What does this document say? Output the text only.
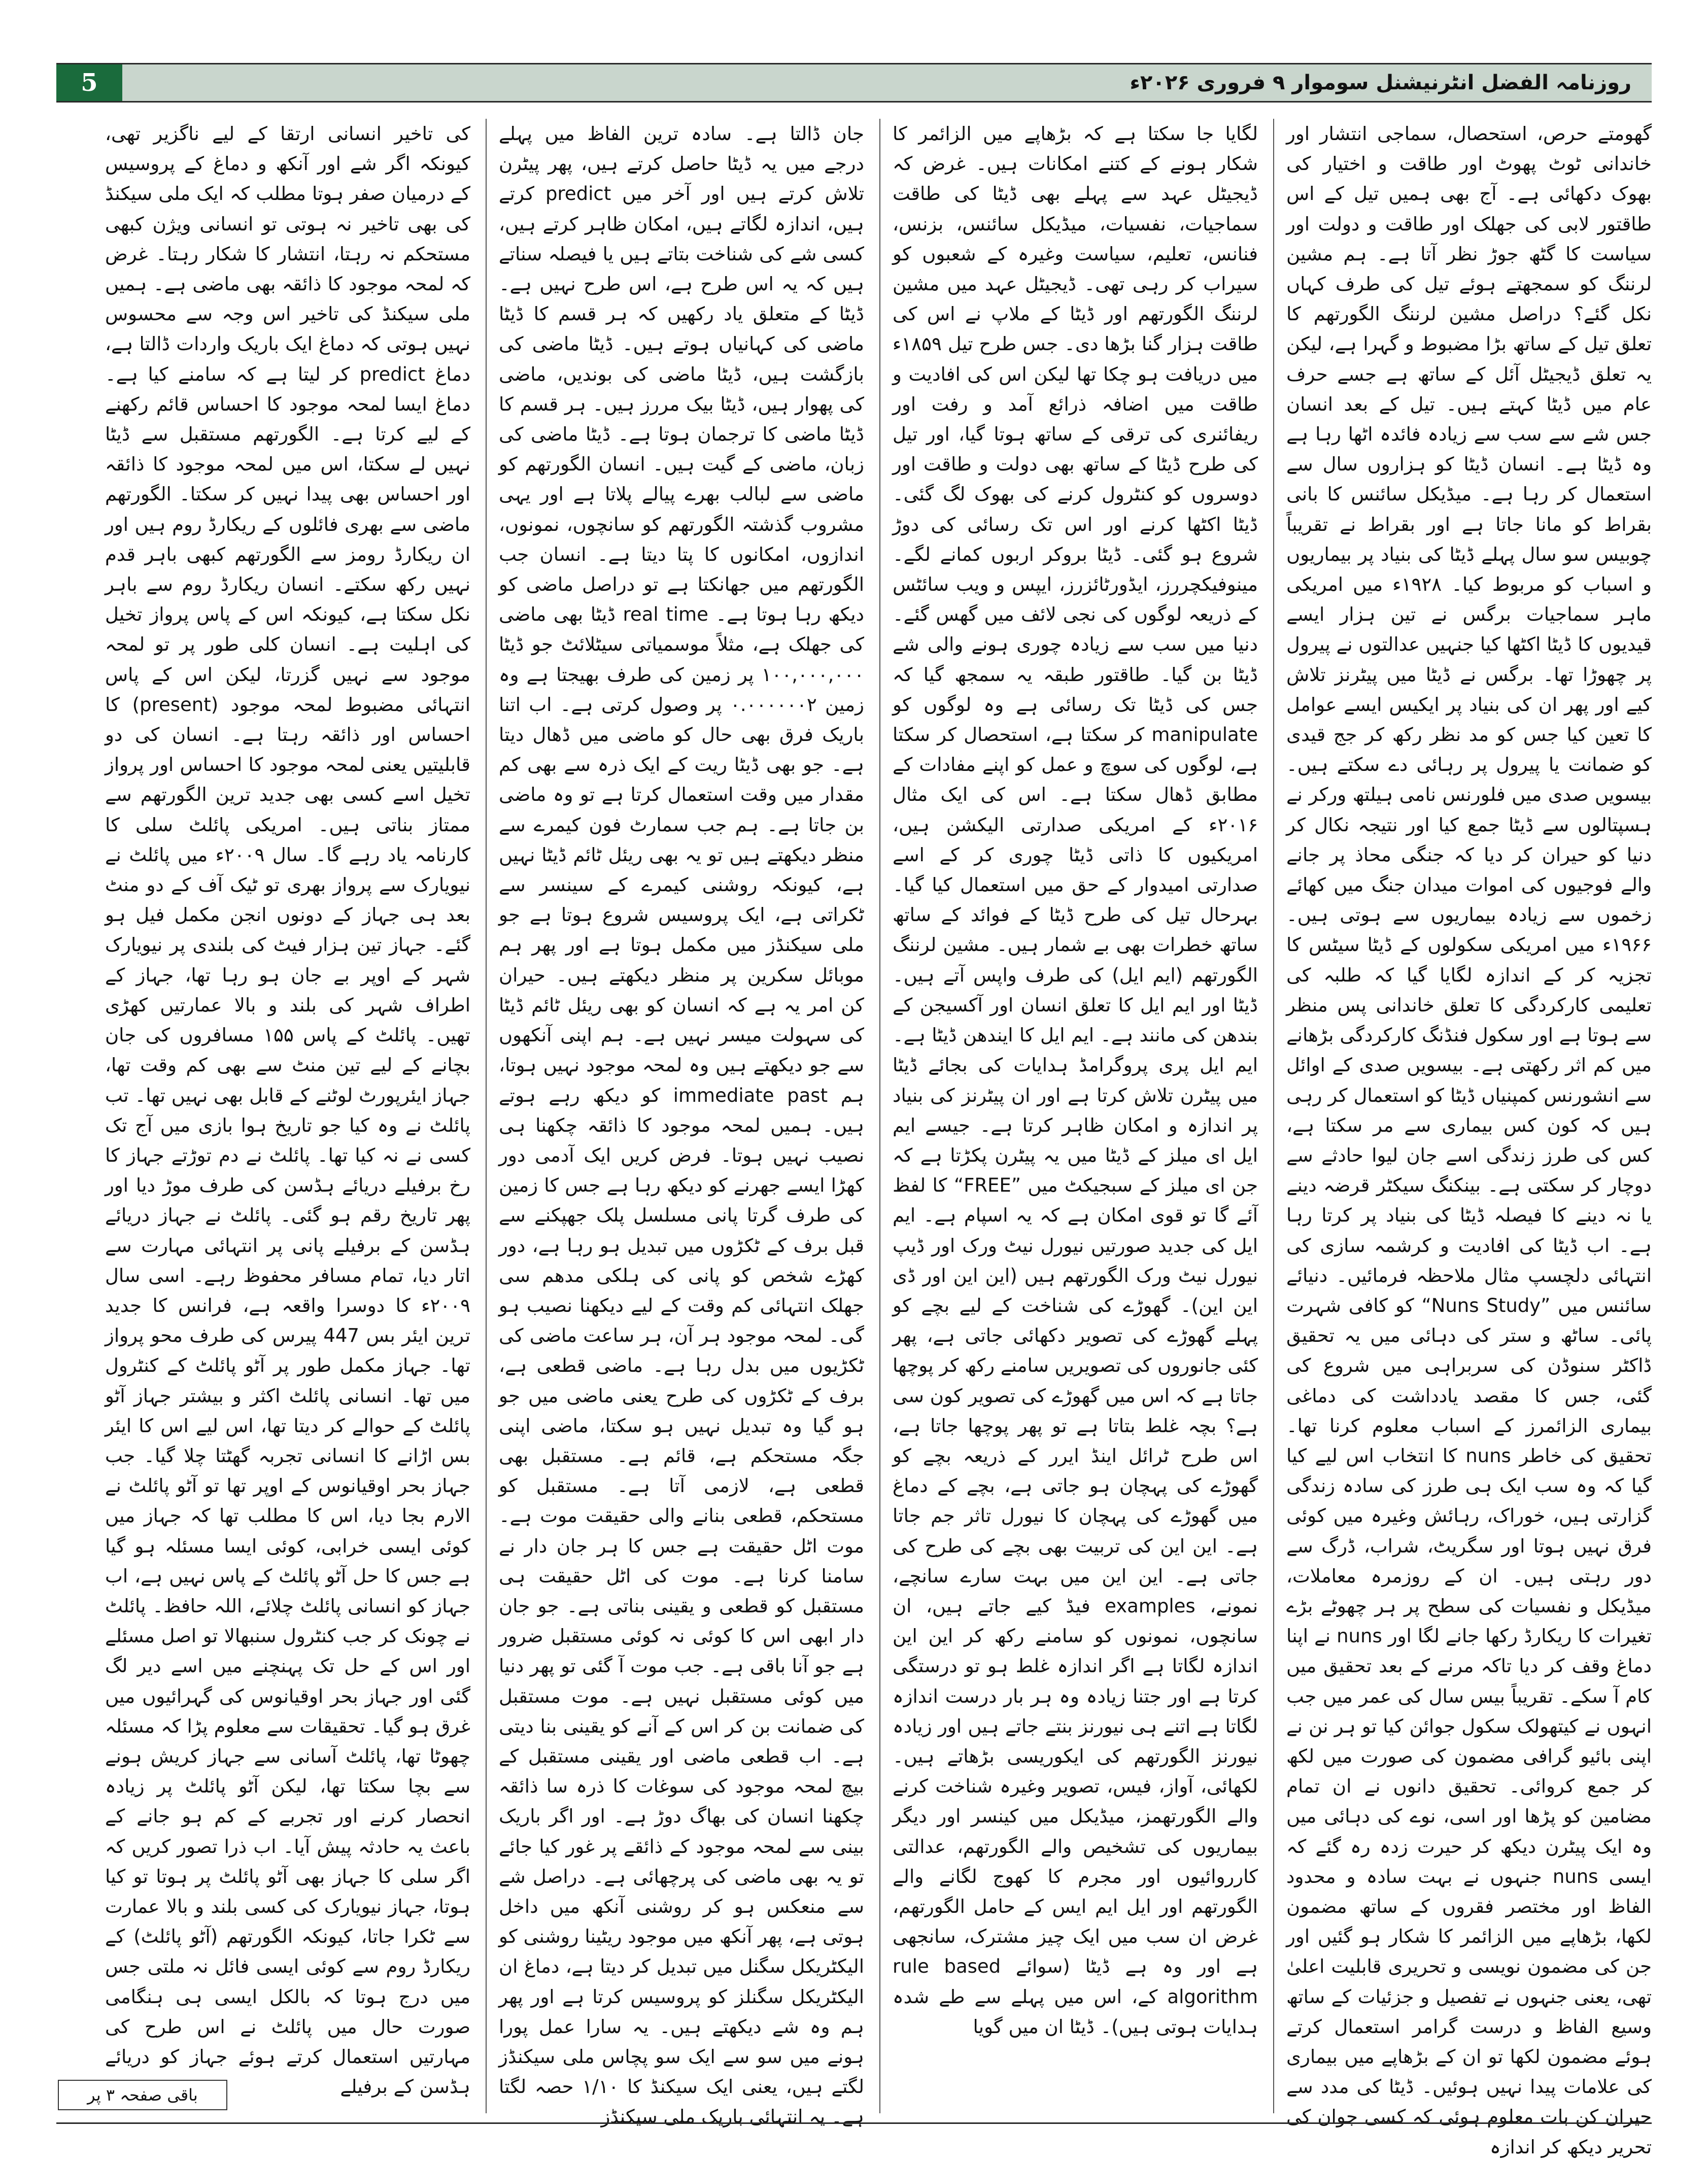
5	روزنامہ الفضل انٹرنیشنل سوموار ۹ فروری ۲۰۲۶ء

گھومتے حرص، استحصال، سماجی انتشار اور خاندانی ٹوٹ پھوٹ اور طاقت و اختیار کی بھوک دکھائی ہے۔ آج بھی ہمیں تیل کے اس طاقتور لابی کی جھلک اور طاقت و دولت اور سیاست کا گٹھ جوڑ نظر آتا ہے۔ ہم مشین لرننگ کو سمجھتے ہوئے تیل کی طرف کہاں نکل گئے؟ دراصل مشین لرننگ الگورتھم کا تعلق تیل کے ساتھ بڑا مضبوط و گہرا ہے، لیکن یہ تعلق ڈیجیٹل آئل کے ساتھ ہے جسے حرف عام میں ڈیٹا کہتے ہیں۔ تیل کے بعد انسان جس شے سے سب سے زیادہ فائدہ اٹھا رہا ہے وہ ڈیٹا ہے۔ انسان ڈیٹا کو ہزاروں سال سے استعمال کر رہا ہے۔ میڈیکل سائنس کا بانی بقراط کو مانا جاتا ہے اور بقراط نے تقریباً چوبیس سو سال پہلے ڈیٹا کی بنیاد پر بیماریوں و اسباب کو مربوط کیا۔ ۱۹۲۸ء میں امریکی ماہر سماجیات برگس نے تین ہزار ایسے قیدیوں کا ڈیٹا اکٹھا کیا جنہیں عدالتوں نے پیرول پر چھوڑا تھا۔ برگس نے ڈیٹا میں پیٹرنز تلاش کیے اور پھر ان کی بنیاد پر ایکیس ایسے عوامل کا تعین کیا جس کو مد نظر رکھ کر جج قیدی کو ضمانت یا پیرول پر رہائی دے سکتے ہیں۔ بیسویں صدی میں فلورنس نامی ہیلتھ ورکر نے ہسپتالوں سے ڈیٹا جمع کیا اور نتیجہ نکال کر دنیا کو حیران کر دیا کہ جنگی محاذ پر جانے والے فوجیوں کی اموات میدان جنگ میں کھائے زخموں سے زیادہ بیماریوں سے ہوتی ہیں۔ ۱۹۶۶ء میں امریکی سکولوں کے ڈیٹا سیٹس کا تجزیہ کر کے اندازہ لگایا گیا کہ طلبہ کی تعلیمی کارکردگی کا تعلق خاندانی پس منظر سے ہوتا ہے اور سکول فنڈنگ کارکردگی بڑھانے میں کم اثر رکھتی ہے۔ بیسویں صدی کے اوائل سے انشورنس کمپنیاں ڈیٹا کو استعمال کر رہی ہیں کہ کون کس بیماری سے مر سکتا ہے، کس کی طرز زندگی اسے جان لیوا حادثے سے دوچار کر سکتی ہے۔ بینکنگ سیکٹر قرضہ دینے یا نہ دینے کا فیصلہ ڈیٹا کی بنیاد پر کرتا رہا ہے۔ اب ڈیٹا کی افادیت و کرشمہ سازی کی انتہائی دلچسپ مثال ملاحظہ فرمائیں۔ دنیائے سائنس میں ”Nuns Study“ کو کافی شہرت پائی۔ ساٹھ و ستر کی دہائی میں یہ تحقیق ڈاکٹر سنوڈن کی سربراہی میں شروع کی گئی، جس کا مقصد یادداشت کی دماغی بیماری الزائمرز کے اسباب معلوم کرنا تھا۔ تحقیق کی خاطر nuns کا انتخاب اس لیے کیا گیا کہ وہ سب ایک ہی طرز کی سادہ زندگی گزارتی ہیں، خوراک، رہائش وغیرہ میں کوئی فرق نہیں ہوتا اور سگریٹ، شراب، ڈرگ سے دور رہتی ہیں۔ ان کے روزمرہ معاملات، میڈیکل و نفسیات کی سطح پر ہر چھوٹے بڑے تغیرات کا ریکارڈ رکھا جانے لگا اور nuns نے اپنا دماغ وقف کر دیا تاکہ مرنے کے بعد تحقیق میں کام آ سکے۔ تقریباً بیس سال کی عمر میں جب انہوں نے کیتھولک سکول جوائن کیا تو ہر نن نے اپنی بائیو گرافی مضمون کی صورت میں لکھ کر جمع کروائی۔ تحقیق دانوں نے ان تمام مضامین کو پڑھا اور اسی، نوے کی دہائی میں وہ ایک پیٹرن دیکھ کر حیرت زدہ رہ گئے کہ ایسی nuns جنہوں نے بہت سادہ و محدود الفاظ اور مختصر فقروں کے ساتھ مضمون لکھا، بڑھاپے میں الزائمر کا شکار ہو گئیں اور جن کی مضمون نویسی و تحریری قابلیت اعلیٰ تھی، یعنی جنہوں نے تفصیل و جزئیات کے ساتھ وسیع الفاظ و درست گرامر استعمال کرتے ہوئے مضمون لکھا تو ان کے بڑھاپے میں بیماری کی علامات پیدا نہیں ہوئیں۔ ڈیٹا کی مدد سے حیران کن بات معلوم ہوئی کہ کسی جوان کی تحریر دیکھ کر اندازہ

لگایا جا سکتا ہے کہ بڑھاپے میں الزائمر کا شکار ہونے کے کتنے امکانات ہیں۔ غرض کہ ڈیجیٹل عہد سے پہلے بھی ڈیٹا کی طاقت سماجیات، نفسیات، میڈیکل سائنس، بزنس، فنانس، تعلیم، سیاست وغیرہ کے شعبوں کو سیراب کر رہی تھی۔ ڈیجیٹل عہد میں مشین لرننگ الگورتھم اور ڈیٹا کے ملاپ نے اس کی طاقت ہزار گنا بڑھا دی۔ جس طرح تیل ۱۸۵۹ء میں دریافت ہو چکا تھا لیکن اس کی افادیت و طاقت میں اضافہ ذرائع آمد و رفت اور ریفائنری کی ترقی کے ساتھ ہوتا گیا، اور تیل کی طرح ڈیٹا کے ساتھ بھی دولت و طاقت اور دوسروں کو کنٹرول کرنے کی بھوک لگ گئی۔ ڈیٹا اکٹھا کرنے اور اس تک رسائی کی دوڑ شروع ہو گئی۔ ڈیٹا بروکر اربوں کمانے لگے۔ مینوفیکچررز، ایڈورٹائزرز، ایپس و ویب سائٹس کے ذریعہ لوگوں کی نجی لائف میں گھس گئے۔ دنیا میں سب سے زیادہ چوری ہونے والی شے ڈیٹا بن گیا۔ طاقتور طبقہ یہ سمجھ گیا کہ جس کی ڈیٹا تک رسائی ہے وہ لوگوں کو manipulate کر سکتا ہے، استحصال کر سکتا ہے، لوگوں کی سوچ و عمل کو اپنے مفادات کے مطابق ڈھال سکتا ہے۔ اس کی ایک مثال ۲۰۱۶ء کے امریکی صدارتی الیکشن ہیں، امریکیوں کا ذاتی ڈیٹا چوری کر کے اسے صدارتی امیدوار کے حق میں استعمال کیا گیا۔ بہرحال تیل کی طرح ڈیٹا کے فوائد کے ساتھ ساتھ خطرات بھی بے شمار ہیں۔ مشین لرننگ الگورتھم (ایم ایل) کی طرف واپس آتے ہیں۔ ڈیٹا اور ایم ایل کا تعلق انسان اور آکسیجن کے بندھن کی مانند ہے۔ ایم ایل کا ایندھن ڈیٹا ہے۔ ایم ایل پری پروگرامڈ ہدایات کی بجائے ڈیٹا میں پیٹرن تلاش کرتا ہے اور ان پیٹرنز کی بنیاد پر اندازہ و امکان ظاہر کرتا ہے۔ جیسے ایم ایل ای میلز کے ڈیٹا میں یہ پیٹرن پکڑتا ہے کہ جن ای میلز کے سبجیکٹ میں ”FREE“ کا لفظ آئے گا تو قوی امکان ہے کہ یہ اسپام ہے۔ ایم ایل کی جدید صورتیں نیورل نیٹ ورک اور ڈیپ نیورل نیٹ ورک الگورتھم ہیں (این این اور ڈی این این)۔ گھوڑے کی شناخت کے لیے بچے کو پہلے گھوڑے کی تصویر دکھائی جاتی ہے، پھر کئی جانوروں کی تصویریں سامنے رکھ کر پوچھا جاتا ہے کہ اس میں گھوڑے کی تصویر کون سی ہے؟ بچہ غلط بتاتا ہے تو پھر پوچھا جاتا ہے، اس طرح ٹرائل اینڈ ایرر کے ذریعہ بچے کو گھوڑے کی پہچان ہو جاتی ہے، بچے کے دماغ میں گھوڑے کی پہچان کا نیورل تاثر جم جاتا ہے۔ این این کی تربیت بھی بچے کی طرح کی جاتی ہے۔ این این میں بہت سارے سانچے، نمونے، examples فیڈ کیے جاتے ہیں، ان سانچوں، نمونوں کو سامنے رکھ کر این این اندازہ لگاتا ہے اگر اندازہ غلط ہو تو درستگی کرتا ہے اور جتنا زیادہ وہ ہر بار درست اندازہ لگاتا ہے اتنے ہی نیورنز بنتے جاتے ہیں اور زیادہ نیورنز الگورتھم کی ایکوریسی بڑھاتے ہیں۔ لکھائی، آواز، فیس، تصویر وغیرہ شناخت کرنے والے الگورتھمز، میڈیکل میں کینسر اور دیگر بیماریوں کی تشخیص والے الگورتھم، عدالتی کارروائیوں اور مجرم کا کھوج لگانے والے الگورتھم اور ایل ایم ایس کے حامل الگورتھم، غرض ان سب میں ایک چیز مشترک، سانجھی ہے اور وہ ہے ڈیٹا (سوائے rule based algorithm کے، اس میں پہلے سے طے شدہ ہدایات ہوتی ہیں)۔ ڈیٹا ان میں گویا

جان ڈالتا ہے۔ سادہ ترین الفاظ میں پہلے درجے میں یہ ڈیٹا حاصل کرتے ہیں، پھر پیٹرن تلاش کرتے ہیں اور آخر میں predict کرتے ہیں، اندازہ لگاتے ہیں، امکان ظاہر کرتے ہیں، کسی شے کی شناخت بتاتے ہیں یا فیصلہ سناتے ہیں کہ یہ اس طرح ہے، اس طرح نہیں ہے۔ ڈیٹا کے متعلق یاد رکھیں کہ ہر قسم کا ڈیٹا ماضی کی کہانیاں ہوتے ہیں۔ ڈیٹا ماضی کی بازگشت ہیں، ڈیٹا ماضی کی بوندیں، ماضی کی پھوار ہیں، ڈیٹا بیک مررز ہیں۔ ہر قسم کا ڈیٹا ماضی کا ترجمان ہوتا ہے۔ ڈیٹا ماضی کی زبان، ماضی کے گیت ہیں۔ انسان الگورتھم کو ماضی سے لبالب بھرے پیالے پلاتا ہے اور یہی مشروب گذشتہ الگورتھم کو سانچوں، نمونوں، اندازوں، امکانوں کا پتا دیتا ہے۔ انسان جب الگورتھم میں جھانکتا ہے تو دراصل ماضی کو دیکھ رہا ہوتا ہے۔ real time ڈیٹا بھی ماضی کی جھلک ہے، مثلاً موسمیاتی سیٹلائٹ جو ڈیٹا ۱۰۰,۰۰۰,۰۰۰ پر زمین کی طرف بھیجتا ہے وہ زمین ۰.۰۰۰۰۰۰۲ پر وصول کرتی ہے۔ اب اتنا باریک فرق بھی حال کو ماضی میں ڈھال دیتا ہے۔ جو بھی ڈیٹا ریت کے ایک ذرہ سے بھی کم مقدار میں وقت استعمال کرتا ہے تو وہ ماضی بن جاتا ہے۔ ہم جب سمارٹ فون کیمرے سے منظر دیکھتے ہیں تو یہ بھی ریئل ٹائم ڈیٹا نہیں ہے، کیونکہ روشنی کیمرے کے سینسر سے ٹکراتی ہے، ایک پروسیس شروع ہوتا ہے جو ملی سیکنڈز میں مکمل ہوتا ہے اور پھر ہم موبائل سکرین پر منظر دیکھتے ہیں۔ حیران کن امر یہ ہے کہ انسان کو بھی ریئل ٹائم ڈیٹا کی سہولت میسر نہیں ہے۔ ہم اپنی آنکھوں سے جو دیکھتے ہیں وہ لمحہ موجود نہیں ہوتا، ہم immediate past کو دیکھ رہے ہوتے ہیں۔ ہمیں لمحہ موجود کا ذائقہ چکھنا ہی نصیب نہیں ہوتا۔ فرض کریں ایک آدمی دور کھڑا ایسے جھرنے کو دیکھ رہا ہے جس کا زمین کی طرف گرتا پانی مسلسل پلک جھپکنے سے قبل برف کے ٹکڑوں میں تبدیل ہو رہا ہے، دور کھڑے شخص کو پانی کی ہلکی مدھم سی جھلک انتہائی کم وقت کے لیے دیکھنا نصیب ہو گی۔ لمحہ موجود ہر آن، ہر ساعت ماضی کی ٹکڑیوں میں بدل رہا ہے۔ ماضی قطعی ہے، برف کے ٹکڑوں کی طرح یعنی ماضی میں جو ہو گیا وہ تبدیل نہیں ہو سکتا، ماضی اپنی جگہ مستحکم ہے، قائم ہے۔ مستقبل بھی قطعی ہے، لازمی آتا ہے۔ مستقبل کو مستحکم، قطعی بنانے والی حقیقت موت ہے۔ موت اٹل حقیقت ہے جس کا ہر جان دار نے سامنا کرنا ہے۔ موت کی اٹل حقیقت ہی مستقبل کو قطعی و یقینی بناتی ہے۔ جو جان دار ابھی اس کا کوئی نہ کوئی مستقبل ضرور ہے جو آنا باقی ہے۔ جب موت آ گئی تو پھر دنیا میں کوئی مستقبل نہیں ہے۔ موت مستقبل کی ضمانت بن کر اس کے آنے کو یقینی بنا دیتی ہے۔ اب قطعی ماضی اور یقینی مستقبل کے بیچ لمحہ موجود کی سوغات کا ذرہ سا ذائقہ چکھنا انسان کی بھاگ دوڑ ہے۔ اور اگر باریک بینی سے لمحہ موجود کے ذائقے پر غور کیا جائے تو یہ بھی ماضی کی پرچھائی ہے۔ دراصل شے سے منعکس ہو کر روشنی آنکھ میں داخل ہوتی ہے، پھر آنکھ میں موجود ریٹینا روشنی کو الیکٹریکل سگنل میں تبدیل کر دیتا ہے، دماغ ان الیکٹریکل سگنلز کو پروسیس کرتا ہے اور پھر ہم وہ شے دیکھتے ہیں۔ یہ سارا عمل پورا ہونے میں سو سے ایک سو پچاس ملی سیکنڈز لگتے ہیں، یعنی ایک سیکنڈ کا ۱/۱۰ حصہ لگتا ہے۔ یہ انتہائی باریک ملی سیکنڈز

کی تاخیر انسانی ارتقا کے لیے ناگزیر تھی، کیونکہ اگر شے اور آنکھ و دماغ کے پروسیس کے درمیان صفر ہوتا مطلب کہ ایک ملی سیکنڈ کی بھی تاخیر نہ ہوتی تو انسانی ویژن کبھی مستحکم نہ رہتا، انتشار کا شکار رہتا۔ غرض کہ لمحہ موجود کا ذائقہ بھی ماضی ہے۔ ہمیں ملی سیکنڈ کی تاخیر اس وجہ سے محسوس نہیں ہوتی کہ دماغ ایک باریک واردات ڈالتا ہے، دماغ predict کر لیتا ہے کہ سامنے کیا ہے۔ دماغ ایسا لمحہ موجود کا احساس قائم رکھنے کے لیے کرتا ہے۔ الگورتھم مستقبل سے ڈیٹا نہیں لے سکتا، اس میں لمحہ موجود کا ذائقہ اور احساس بھی پیدا نہیں کر سکتا۔ الگورتھم ماضی سے بھری فائلوں کے ریکارڈ روم ہیں اور ان ریکارڈ رومز سے الگورتھم کبھی باہر قدم نہیں رکھ سکتے۔ انسان ریکارڈ روم سے باہر نکل سکتا ہے، کیونکہ اس کے پاس پرواز تخیل کی اہلیت ہے۔ انسان کلی طور پر تو لمحہ موجود سے نہیں گزرتا، لیکن اس کے پاس انتہائی مضبوط لمحہ موجود (present) کا احساس اور ذائقہ رہتا ہے۔ انسان کی دو قابلیتیں یعنی لمحہ موجود کا احساس اور پرواز تخیل اسے کسی بھی جدید ترین الگورتھم سے ممتاز بناتی ہیں۔ امریکی پائلٹ سلی کا کارنامہ یاد رہے گا۔ سال ۲۰۰۹ء میں پائلٹ نے نیویارک سے پرواز بھری تو ٹیک آف کے دو منٹ بعد ہی جہاز کے دونوں انجن مکمل فیل ہو گئے۔ جہاز تین ہزار فیٹ کی بلندی پر نیویارک شہر کے اوپر بے جان ہو رہا تھا، جہاز کے اطراف شہر کی بلند و بالا عمارتیں کھڑی تھیں۔ پائلٹ کے پاس ۱۵۵ مسافروں کی جان بچانے کے لیے تین منٹ سے بھی کم وقت تھا، جہاز ایئرپورٹ لوٹنے کے قابل بھی نہیں تھا۔ تب پائلٹ نے وہ کیا جو تاریخ ہوا بازی میں آج تک کسی نے نہ کیا تھا۔ پائلٹ نے دم توڑتے جہاز کا رخ برفیلے دریائے ہڈسن کی طرف موڑ دیا اور پھر تاریخ رقم ہو گئی۔ پائلٹ نے جہاز دریائے ہڈسن کے برفیلے پانی پر انتہائی مہارت سے اتار دیا، تمام مسافر محفوظ رہے۔ اسی سال ۲۰۰۹ء کا دوسرا واقعہ ہے، فرانس کا جدید ترین ایئر بس 447 پیرس کی طرف محو پرواز تھا۔ جہاز مکمل طور پر آٹو پائلٹ کے کنٹرول میں تھا۔ انسانی پائلٹ اکثر و بیشتر جہاز آٹو پائلٹ کے حوالے کر دیتا تھا، اس لیے اس کا ایئر بس اڑانے کا انسانی تجربہ گھٹتا چلا گیا۔ جب جہاز بحر اوقیانوس کے اوپر تھا تو آٹو پائلٹ نے الارم بجا دیا، اس کا مطلب تھا کہ جہاز میں کوئی ایسی خرابی، کوئی ایسا مسئلہ ہو گیا ہے جس کا حل آٹو پائلٹ کے پاس نہیں ہے، اب جہاز کو انسانی پائلٹ چلائے، اللہ حافظ۔ پائلٹ نے چونک کر جب کنٹرول سنبھالا تو اصل مسئلے اور اس کے حل تک پہنچنے میں اسے دیر لگ گئی اور جہاز بحر اوقیانوس کی گہرائیوں میں غرق ہو گیا۔ تحقیقات سے معلوم پڑا کہ مسئلہ چھوٹا تھا، پائلٹ آسانی سے جہاز کریش ہونے سے بچا سکتا تھا، لیکن آٹو پائلٹ پر زیادہ انحصار کرنے اور تجربے کے کم ہو جانے کے باعث یہ حادثہ پیش آیا۔ اب ذرا تصور کریں کہ اگر سلی کا جہاز بھی آٹو پائلٹ پر ہوتا تو کیا ہوتا، جہاز نیویارک کی کسی بلند و بالا عمارت سے ٹکرا جاتا، کیونکہ الگورتھم (آٹو پائلٹ) کے ریکارڈ روم سے کوئی ایسی فائل نہ ملتی جس میں درج ہوتا کہ بالکل ایسی ہی ہنگامی صورت حال میں پائلٹ نے اس طرح کی مہارتیں استعمال کرتے ہوئے جہاز کو دریائے ہڈسن کے برفیلے

باقی صفحہ ۳ پر
